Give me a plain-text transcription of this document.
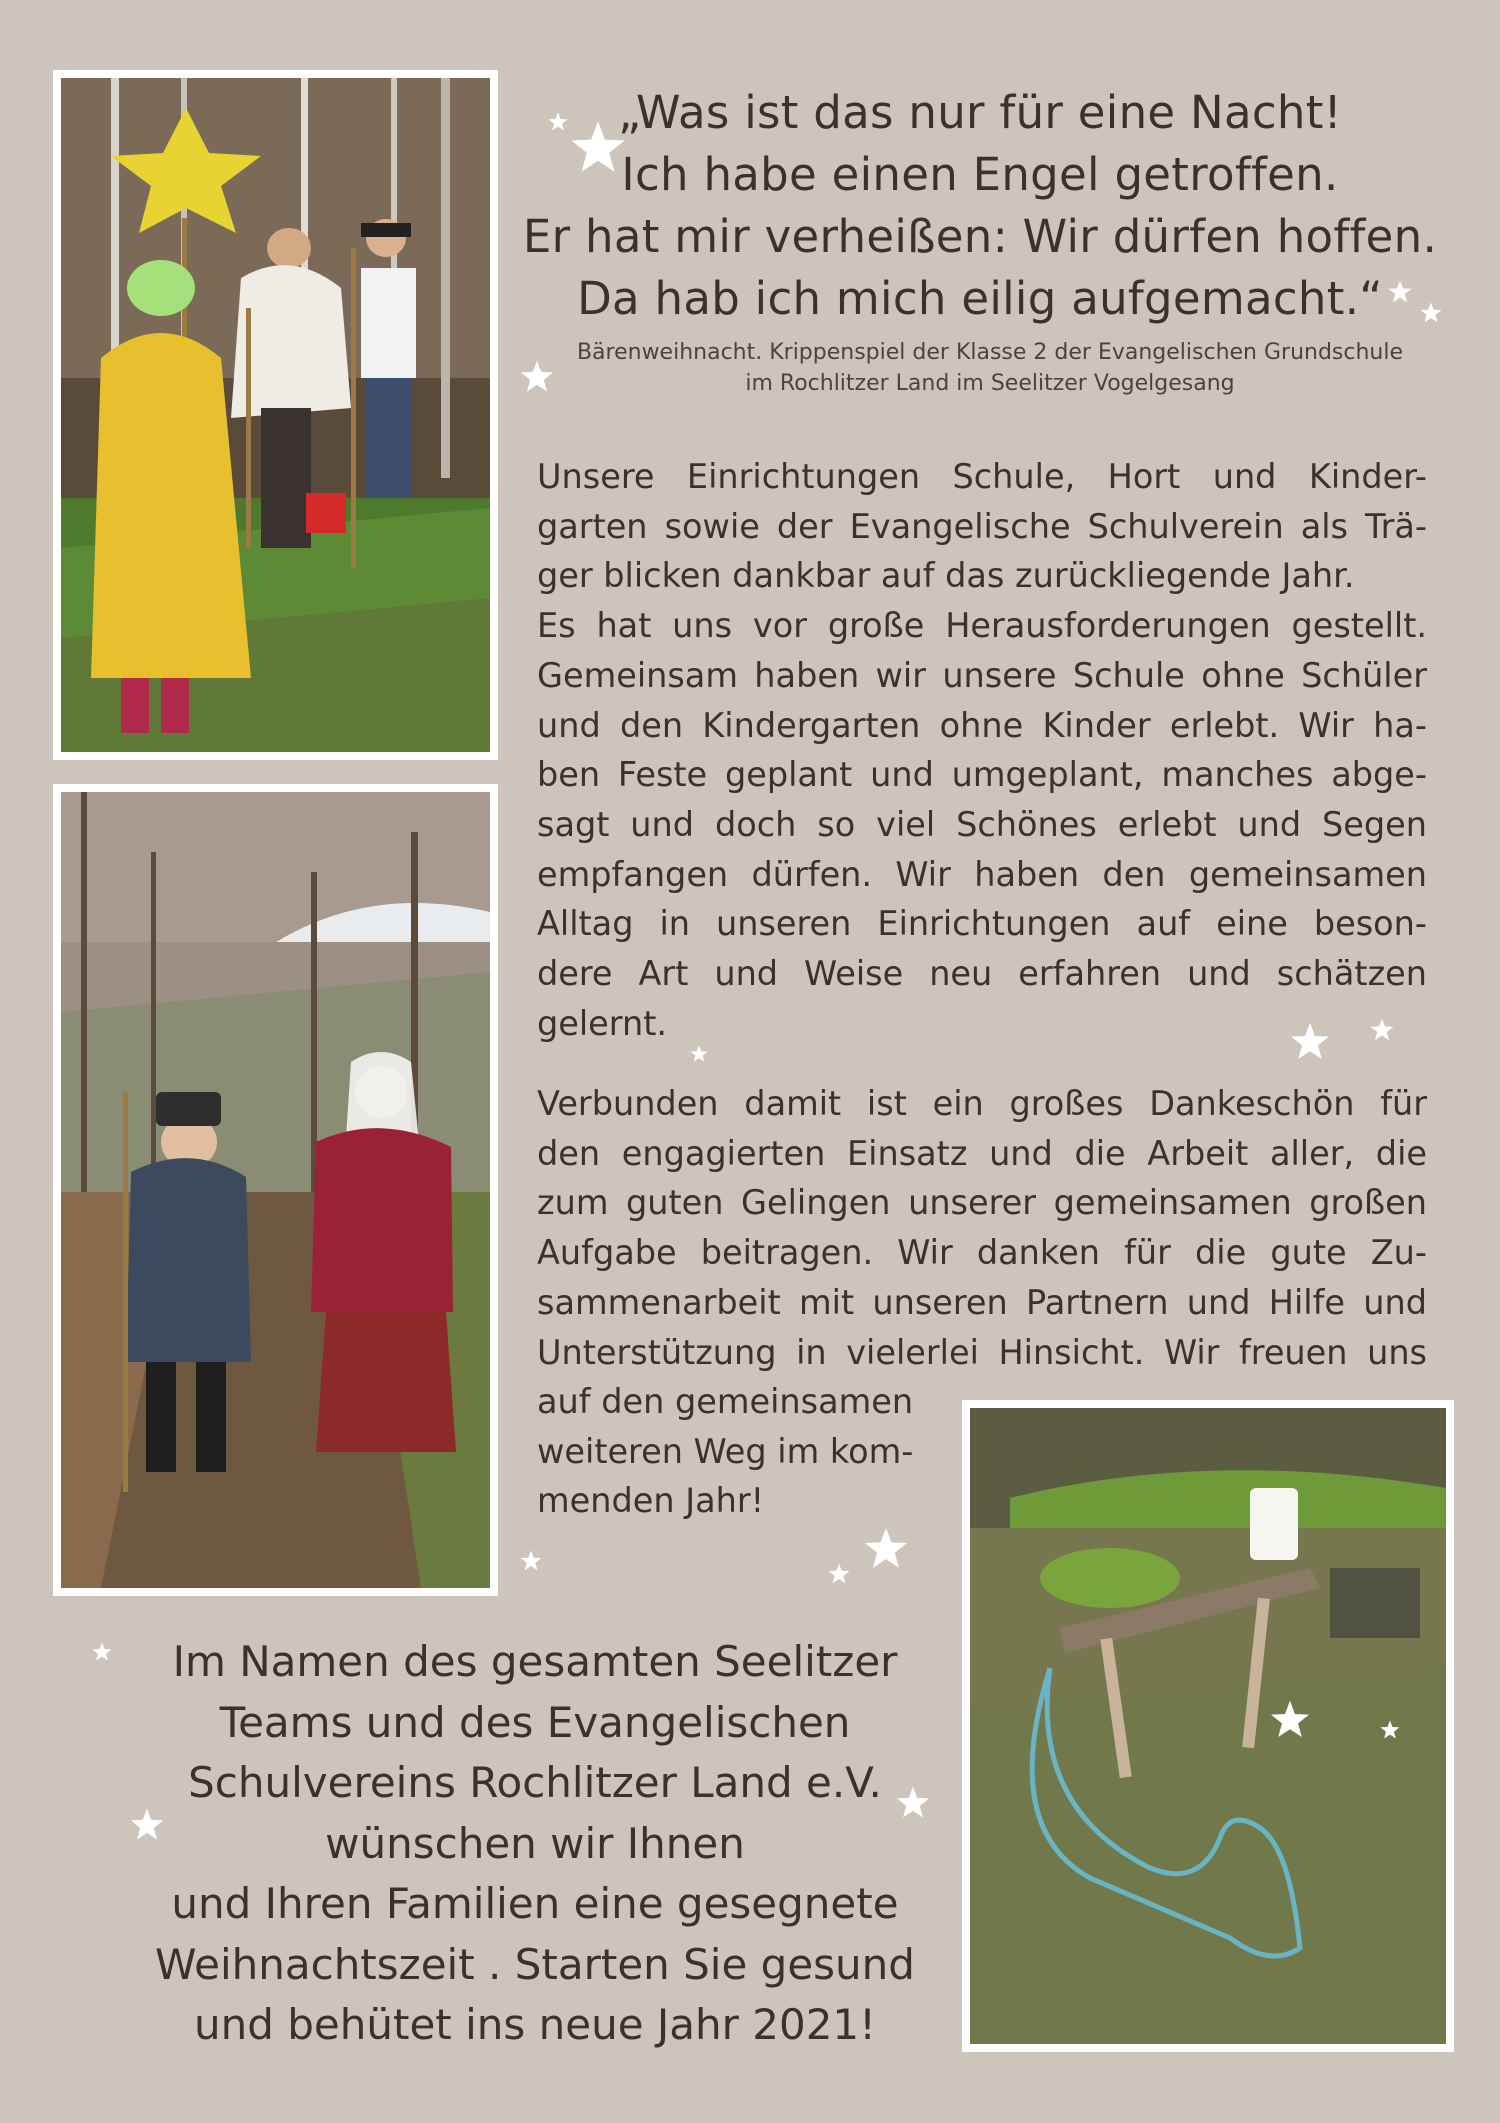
„Was ist das nur für eine Nacht!
Ich habe einen Engel getroffen.
Er hat mir verheißen: Wir dürfen hoffen.
Da hab ich mich eilig aufgemacht.“
Bärenweihnacht. Krippenspiel der Klasse 2 der Evangelischen Grundschule
im Rochlitzer Land im Seelitzer Vogelgesang
Unsere Einrichtungen Schule, Hort und Kinder-
garten sowie der Evangelische Schulverein als Trä-
ger blicken dankbar auf das zurückliegende Jahr.
Es hat uns vor große Herausforderungen gestellt.
Gemeinsam haben wir unsere Schule ohne Schüler
und den Kindergarten ohne Kinder erlebt. Wir ha-
ben Feste geplant und umgeplant, manches abge-
sagt und doch so viel Schönes erlebt und Segen
empfangen dürfen. Wir haben den gemeinsamen
Alltag in unseren Einrichtungen auf eine beson-
dere Art und Weise neu erfahren und schätzen
gelernt.
Verbunden damit ist ein großes Dankeschön für
den engagierten Einsatz und die Arbeit aller, die
zum guten Gelingen unserer gemeinsamen großen
Aufgabe beitragen. Wir danken für die gute Zu-
sammenarbeit mit unseren Partnern und Hilfe und
Unterstützung in vielerlei Hinsicht. Wir freuen uns
auf den gemeinsamen
weiteren Weg im kom-
menden Jahr!
Im Namen des gesamten Seelitzer
Teams und des Evangelischen
Schulvereins Rochlitzer Land e.V.
wünschen wir Ihnen
und Ihren Familien eine gesegnete
Weihnachtszeit . Starten Sie gesund
und behütet ins neue Jahr 2021!
